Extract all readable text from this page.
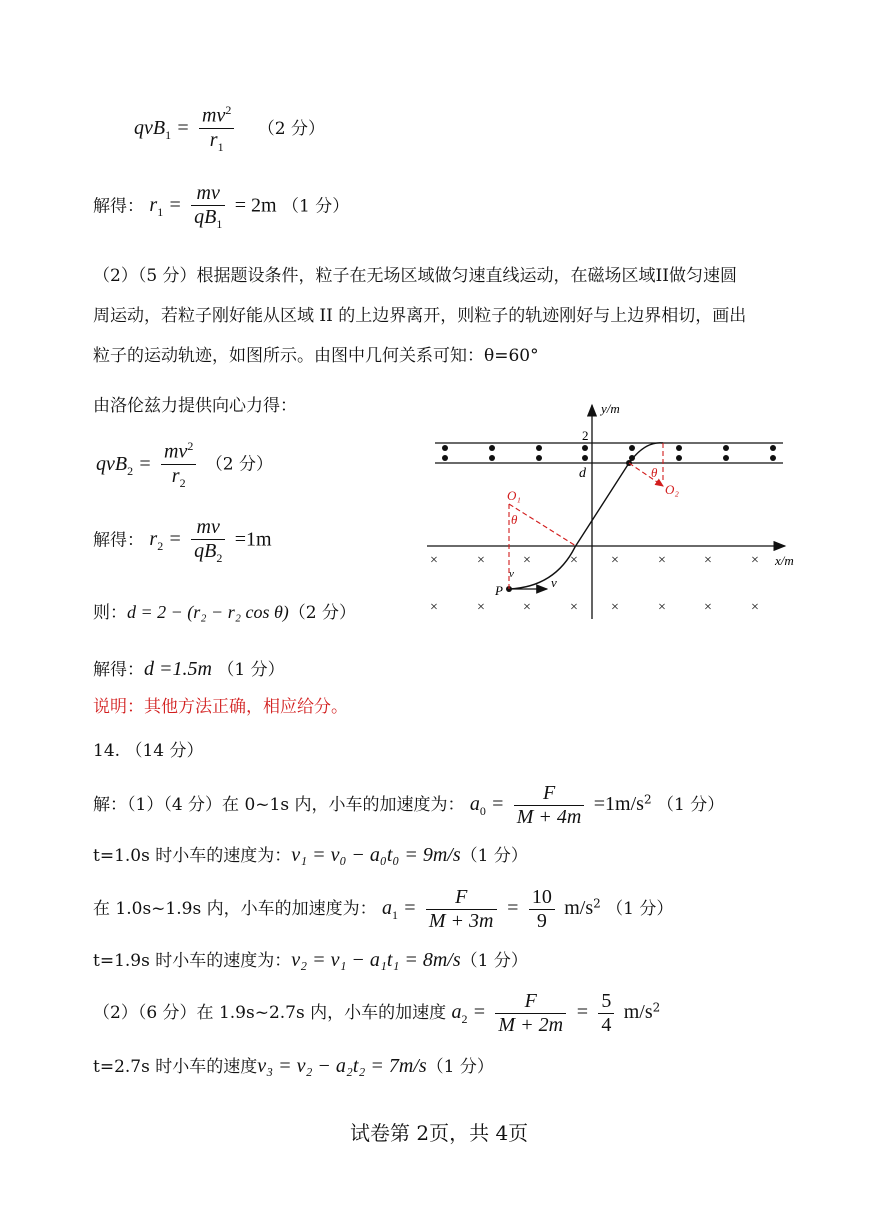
$qvB_1 = \frac{mv^2}{r_1} (2$ 分）
解得： $r_1 = \frac{mv}{qB_1} = 2m$ （1 分）
（2）（5 分）根据题设条件，粒子在无场区域做匀速直线运动，在磁场区域II做匀速圆
周运动，若粒子刚好能从区域 II 的上边界离开，则粒子的轨迹刚好与上边界相切，画出
粒子的运动轨迹，如图所示。由图中几何关系可知：θ=60°
由洛伦兹力提供向心力得：
$qvB_2 = \frac{mv^2}{r_2} (2$ 分）
解得： $r_2 = \frac{mv}{qB_2} =1m$
则：d = 2 − (r₂ − r₂ cos θ)（2 分）
解得：d =1.5m （1 分）
说明：其他方法正确，相应给分。
14. （14 分）
解：（1）（4 分）在 0~1s 内，小车的加速度为： $a_0 = \frac{F}{M + 4m} =1m/s^2$ （1 分）
t=1.0s 时小车的速度为：v₁ = v₀ − a₀t₀ = 9m/s（1 分）
在 1.0s~1.9s 内，小车的加速度为： $a_1 = \frac{F}{M + 3m} = \frac{10}{9} m/s^2$ （1 分）
t=1.9s 时小车的速度为：v₂ = v₁ − a₁t₁ = 8m/s（1 分）
（2）（6 分）在 1.9s~2.7s 内，小车的加速度 $a_2 = \frac{F}{M + 2m} = \frac{5}{4} m/s^2$
t=2.7s 时小车的速度v₃ = v₂ − a₂t₂ = 7m/s（1 分）
试卷第 2页，共 4页
y/m
x/m
2
d
×	×	×	× ×	×	×	×
×	×	×	× ×	×	×	×
P
v
v
O₁
θ
O₂
θ
